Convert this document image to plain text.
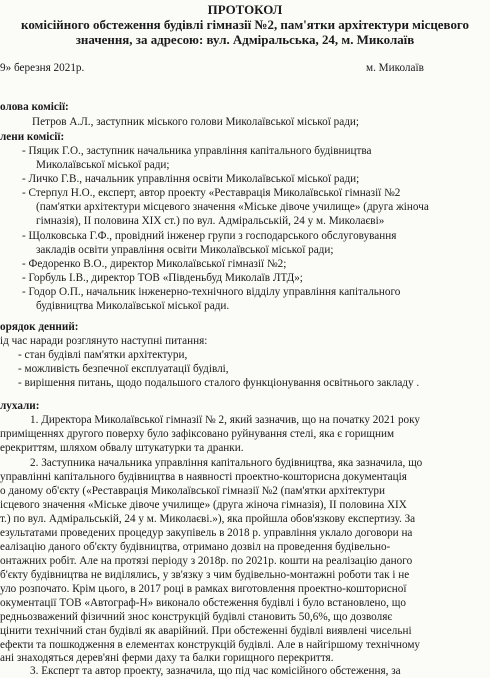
ПРОТОКОЛ
комісійного обстеження будівлі гімназії №2, пам'ятки архітектури місцевого
значення, за адресою: вул. Адміральська, 24, м. Миколаїв
9» березня 2021р.	м. Миколаїв
олова комісії:
Петров А.Л., заступник міського голови Миколаївської міської ради;
лени комісії:
- Пяцик Г.О., заступник начальника управління капітального будівництва
Миколаївської міської ради;
- Личко Г.В., начальник управління освіти Миколаївської міської ради;
- Стерпул Н.О., експерт, автор проекту «Реставрація Миколаївської гімназії №2
(пам'ятки архітектури місцевого значення «Міське дівоче училище» (друга жіноча
гімназія), II половина XIX ст.) по вул. Адміральській, 24 у м. Миколаєві»
- Щолковська Г.Ф., провідний інженер групи з господарського обслуговування
закладів освіти управління освіти Миколаївської міської ради;
- Федоренко В.О., директор Миколаївської гімназії №2;
- Горбуль І.В., директор ТОВ «Південьбуд Миколаїв ЛТД»;
- Годор О.П., начальник інженерно-технічного відділу управління капітального
будівництва Миколаївської міської ради.
орядок денний:
ід час наради розглянуто наступні питання:
- стан будівлі пам'ятки архітектури,
- можливість безпечної експлуатації будівлі,
- вирішення питань, щодо подальшого сталого функціонування освітнього закладу .
лухали:
1. Директора Миколаївської гімназії № 2, який зазначив, що на початку 2021 року
приміщеннях другого поверху було зафіксовано руйнування стелі, яка є горищним
ерекриттям, шляхом обвалу штукатурки та дранки.
2. Заступника начальника управління капітального будівництва, яка зазначила, що
управлінні капітального будівництва в наявності проектно-кошторисна документація
о даному об'єкту («Реставрація Миколаївської гімназії №2 (пам'ятки архітектури
ісцевого значення «Міське дівоче училище» (друга жіноча гімназія), II половина XIX
т.) по вул. Адміральській, 24 у м. Миколаєві.»), яка пройшла обов'язкову експертизу. За
езультатами проведених процедур закупівель в 2018 р. управління уклало договори на
еалізацію даного об'єкту будівництва, отримано дозвіл на проведення будівельно-
онтажних робіт. Але на протязі періоду з 2018р. по 2021р. кошти на реалізацію даного
б'єкту будівництва не виділялись, у зв'язку з чим будівельно-монтажні роботи так і не
уло розпочато. Крім цього, в 2017 році в рамках виготовлення проектно-кошторисної
окументації ТОВ «Автограф-Н» виконало обстеження будівлі і було встановлено, що
редньозважений фізичний знос конструкцій будівлі становить 50,6%, що дозволяє
цінити технічний стан будівлі як аварійний. При обстеженні будівлі виявлені чисельні
ефекти та пошкодження в елементах конструкцій будівлі. Але в найгіршому технічному
ані знаходяться дерев'яні ферми даху та балки горищного перекриття.
3. Експерт та автор проекту, зазначила, що під час комісійного обстеження, за
